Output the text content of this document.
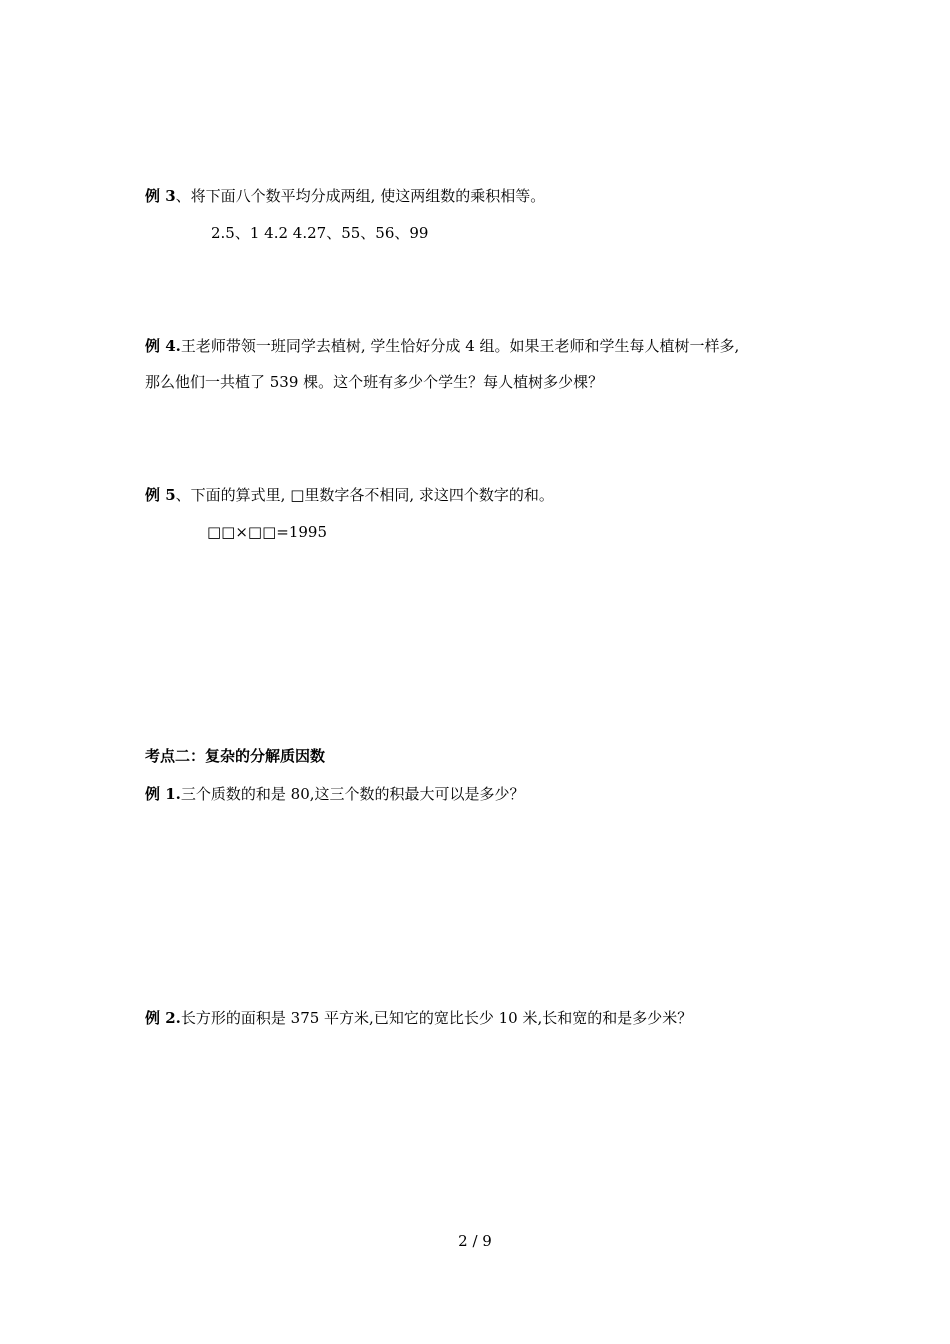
例 3、将下面八个数平均分成两组, 使这两组数的乘积相等。
2.5、1 4.2 4.27、55、56、99
例 4.王老师带领一班同学去植树, 学生恰好分成 4 组。如果王老师和学生每人植树一样多,
那么他们一共植了 539 棵。这个班有多少个学生？每人植树多少棵？
例 5、下面的算式里, □里数字各不相同, 求这四个数字的和。
□□×□□=1995
考点二：复杂的分解质因数
例 1.三个质数的和是 80,这三个数的积最大可以是多少？
例 2.长方形的面积是 375 平方米,已知它的宽比长少 10 米,长和宽的和是多少米？
2 / 9
